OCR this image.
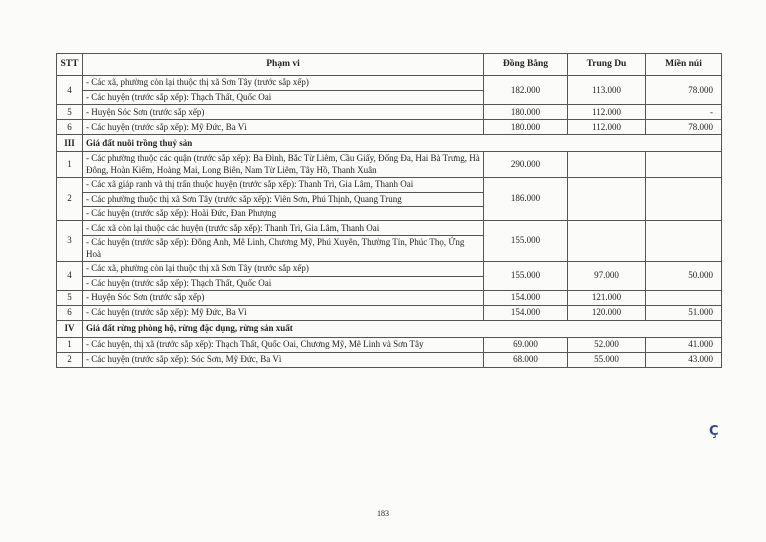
STT	Phạm vi	Đồng Bằng	Trung Du	Miền núi
4	- Các xã, phường còn lại thuộc thị xã Sơn Tây (trước sắp xếp)
- Các huyện (trước sắp xếp): Thạch Thất, Quốc Oai	182.000	113.000	78.000
5	- Huyện Sóc Sơn (trước sắp xếp)	180.000	112.000	-
6	- Các huyện (trước sắp xếp): Mỹ Đức, Ba Vì	180.000	112.000	78.000
III	Giá đất nuôi trồng thuỷ sản			
1	- Các phường thuộc các quận (trước sắp xếp): Ba Đình, Bắc Từ Liêm, Cầu Giấy, Đống Đa, Hai Bà Trưng, Hà Đông, Hoàn Kiếm, Hoàng Mai, Long Biên, Nam Từ Liêm, Tây Hồ, Thanh Xuân	290.000		
2	- Các xã giáp ranh và thị trấn thuộc huyện (trước sắp xếp): Thanh Trì, Gia Lâm, Thanh Oai
- Các phường thuộc thị xã Sơn Tây (trước sắp xếp): Viên Sơn, Phú Thịnh, Quang Trung
- Các huyện (trước sắp xếp): Hoài Đức, Đan Phượng	186.000		
3	- Các xã còn lại thuộc các huyện (trước sắp xếp): Thanh Trì, Gia Lâm, Thanh Oai
- Các huyện (trước sắp xếp): Đông Anh, Mê Linh, Chương Mỹ, Phú Xuyên, Thường Tín, Phúc Thọ, Ứng Hoà	155.000		
4	- Các xã, phường còn lại thuộc thị xã Sơn Tây (trước sắp xếp)
- Các huyện (trước sắp xếp): Thạch Thất, Quốc Oai	155.000	97.000	50.000
5	- Huyện Sóc Sơn (trước sắp xếp)	154.000	121.000	
6	- Các huyện (trước sắp xếp): Mỹ Đức, Ba Vì	154.000	120.000	51.000
IV	Giá đất rừng phòng hộ, rừng đặc dụng, rừng sản xuất			
1	- Các huyện, thị xã (trước sắp xếp): Thạch Thất, Quốc Oai, Chương Mỹ, Mê Linh và Sơn Tây	69.000	52.000	41.000
2	- Các huyện (trước sắp xếp): Sóc Sơn, Mỹ Đức, Ba Vì	68.000	55.000	43.000
Ç
183
